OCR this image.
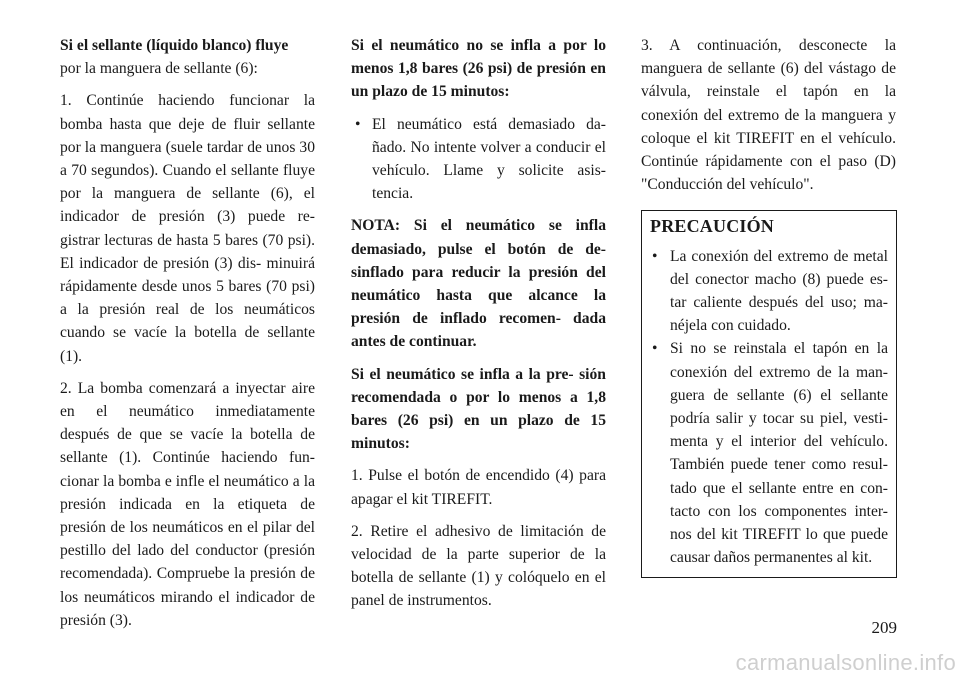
Si el sellante (líquido blanco) fluye

por la manguera de sellante (6):

1. Continúe haciendo funcionar la bomba hasta que deje de fluir sellante por la manguera (suele tardar de unos 30 a 70 segundos). Cuando el sellante fluye por la manguera de sellante (6), el indicador de presión (3) puede re- gistrar lecturas de hasta 5 bares (70 psi). El indicador de presión (3) dis- minuirá rápidamente desde unos 5 bares (70 psi) a la presión real de los neumáticos cuando se vacíe la botella de sellante (1).

2. La bomba comenzará a inyectar aire en el neumático inmediatamente después de que se vacíe la botella de sellante (1). Continúe haciendo fun- cionar la bomba e infle el neumático a la presión indicada en la etiqueta de presión de los neumáticos en el pilar del pestillo del lado del conductor (presión recomendada). Compruebe la presión de los neumáticos mirando el indicador de presión (3).

Si el neumático no se infla a por lo menos 1,8 bares (26 psi) de presión en un plazo de 15 minutos:

• El neumático está demasiado da- ñado. No intente volver a conducir el vehículo. Llame y solicite asis- tencia.

NOTA: Si el neumático se infla demasiado, pulse el botón de de- sinflado para reducir la presión del neumático hasta que alcance la presión de inflado recomen- dada antes de continuar.

Si el neumático se infla a la pre- sión recomendada o por lo menos a 1,8 bares (26 psi) en un plazo de 15 minutos:

1. Pulse el botón de encendido (4) para apagar el kit TIREFIT.

2. Retire el adhesivo de limitación de velocidad de la parte superior de la botella de sellante (1) y colóquelo en el panel de instrumentos.

3. A continuación, desconecte la manguera de sellante (6) del vástago de válvula, reinstale el tapón en la conexión del extremo de la manguera y coloque el kit TIREFIT en el vehículo. Continúe rápidamente con el paso (D) "Conducción del vehículo".

PRECAUCIÓN
• La conexión del extremo de metal del conector macho (8) puede es- tar caliente después del uso; ma- néjela con cuidado.
• Si no se reinstala el tapón en la conexión del extremo de la man- guera de sellante (6) el sellante podría salir y tocar su piel, vesti- menta y el interior del vehículo. También puede tener como resul- tado que el sellante entre en con- tacto con los componentes inter- nos del kit TIREFIT lo que puede causar daños permanentes al kit.
209
carmanualsonline.info
